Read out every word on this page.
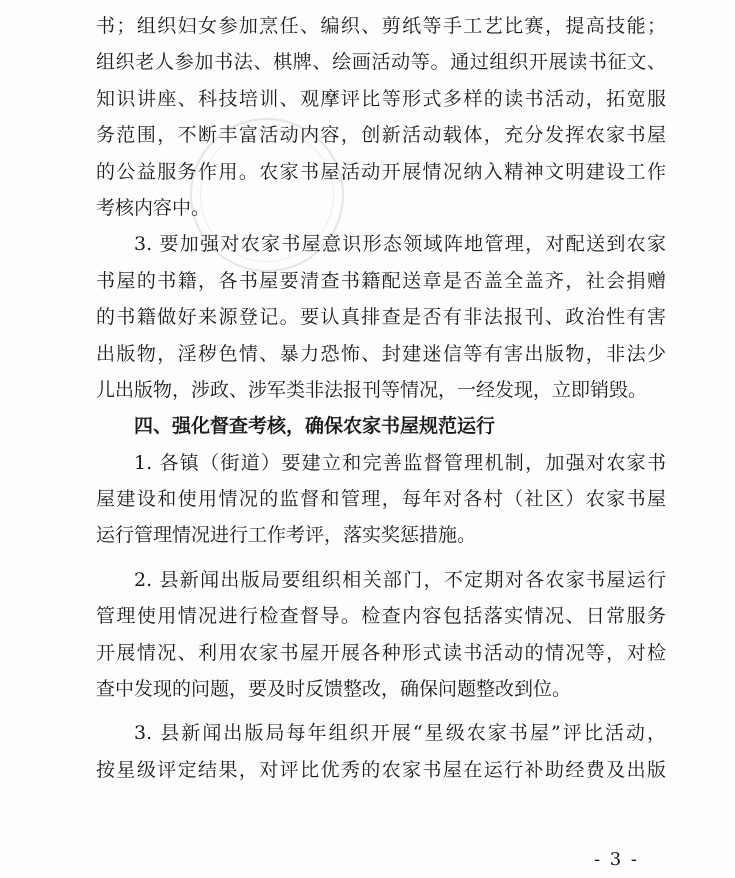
书；组织妇女参加烹任、编织、剪纸等手工艺比赛，提高技能；
组织老人参加书法、棋牌、绘画活动等。通过组织开展读书征文、
知识讲座、科技培训、观摩评比等形式多样的读书活动，拓宽服
务范围，不断丰富活动内容，创新活动载体，充分发挥农家书屋
的公益服务作用。农家书屋活动开展情况纳入精神文明建设工作
考核内容中。
3. 要加强对农家书屋意识形态领域阵地管理，对配送到农家
书屋的书籍，各书屋要清查书籍配送章是否盖全盖齐，社会捐赠
的书籍做好来源登记。要认真排查是否有非法报刊、政治性有害
出版物，淫秽色情、暴力恐怖、封建迷信等有害出版物，非法少
儿出版物，涉政、涉军类非法报刊等情况，一经发现，立即销毁。
四、强化督查考核，确保农家书屋规范运行
1. 各镇（街道）要建立和完善监督管理机制，加强对农家书
屋建设和使用情况的监督和管理，每年对各村（社区）农家书屋
运行管理情况进行工作考评，落实奖惩措施。
2. 县新闻出版局要组织相关部门，不定期对各农家书屋运行
管理使用情况进行检查督导。检查内容包括落实情况、日常服务
开展情况、利用农家书屋开展各种形式读书活动的情况等，对检
查中发现的问题，要及时反馈整改，确保问题整改到位。
3. 县新闻出版局每年组织开展“星级农家书屋”评比活动，
按星级评定结果，对评比优秀的农家书屋在运行补助经费及出版
- 3 -
